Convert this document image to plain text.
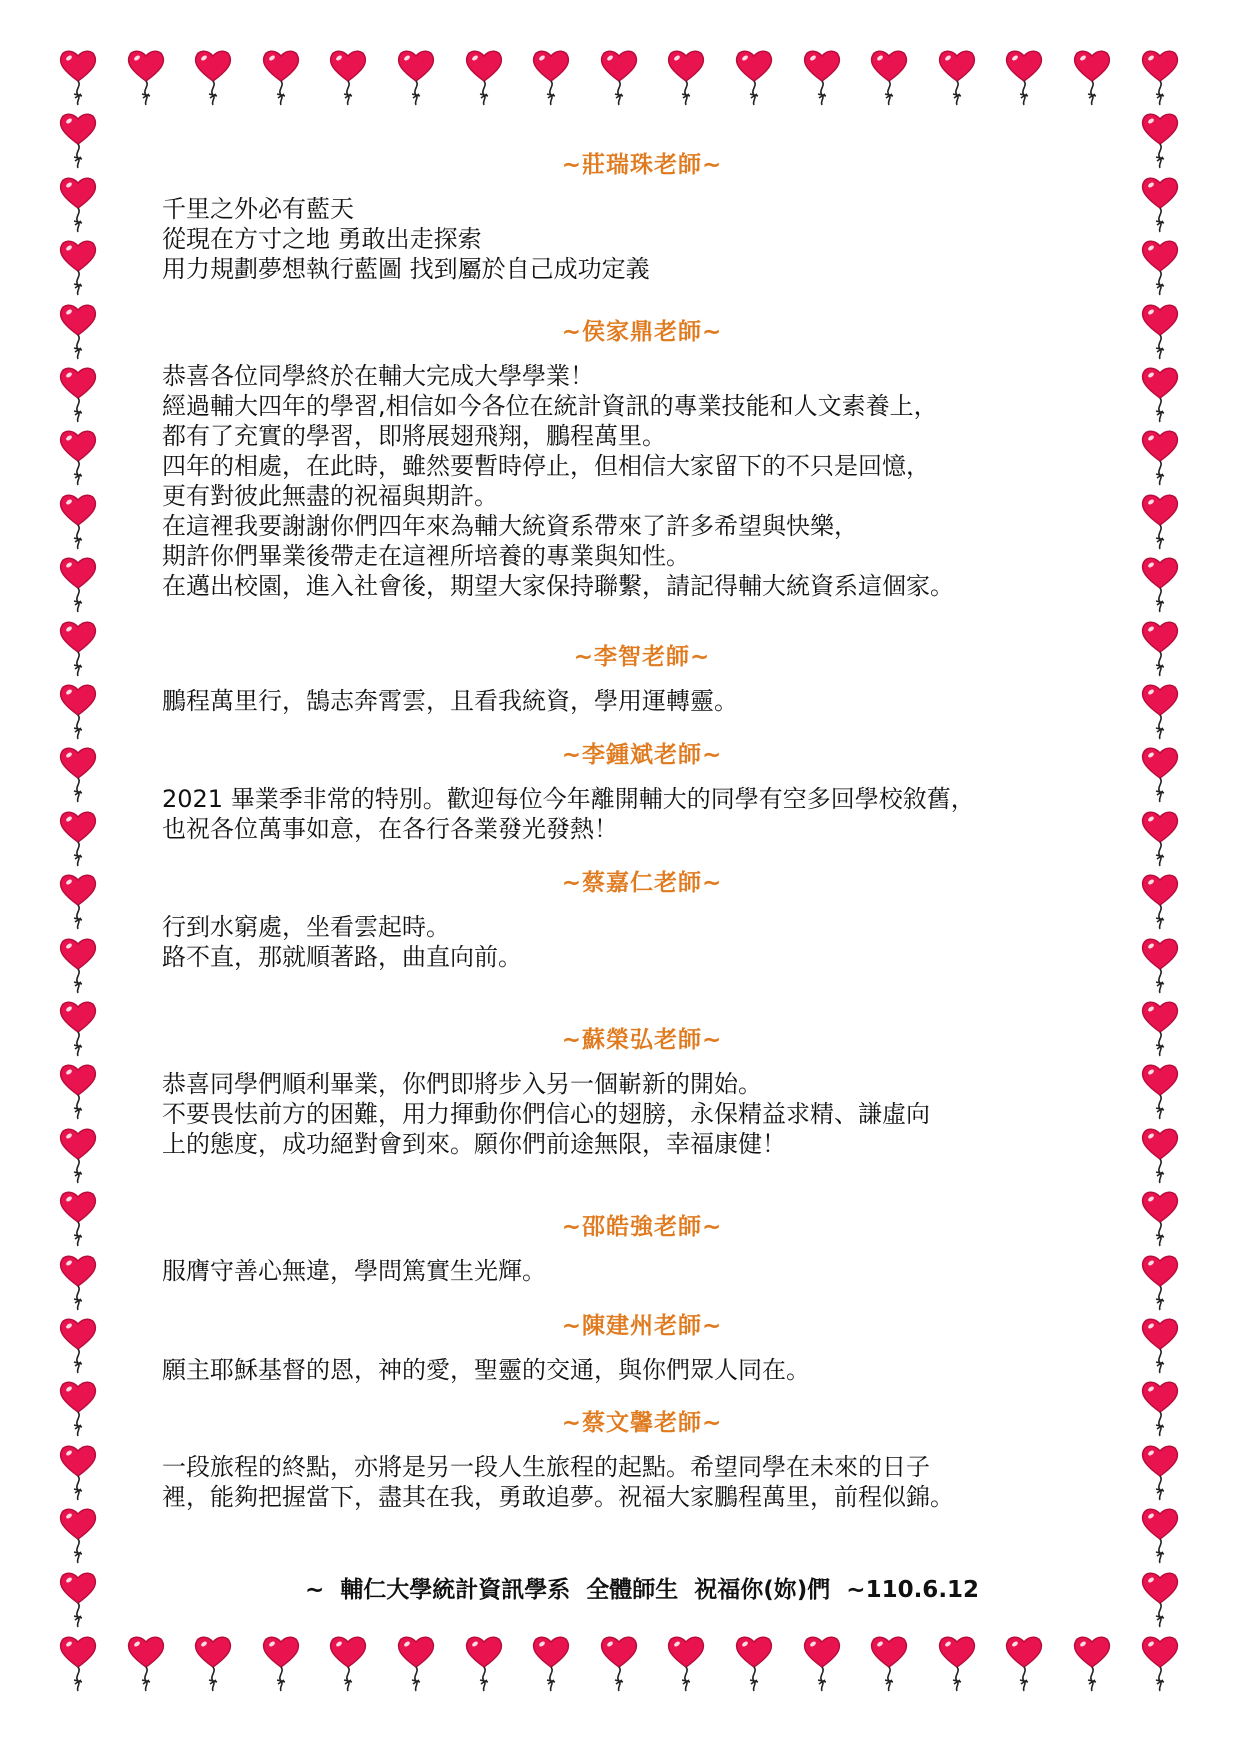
~莊瑞珠老師~

千里之外必有藍天
從現在方寸之地 勇敢出走探索
用力規劃夢想執行藍圖 找到屬於自己成功定義

~侯家鼎老師~

恭喜各位同學終於在輔大完成大學學業！
經過輔大四年的學習,相信如今各位在統計資訊的專業技能和人文素養上，
都有了充實的學習，即將展翅飛翔，鵬程萬里。
四年的相處，在此時，雖然要暫時停止，但相信大家留下的不只是回憶，
更有對彼此無盡的祝福與期許。
在這裡我要謝謝你們四年來為輔大統資系帶來了許多希望與快樂，
期許你們畢業後帶走在這裡所培養的專業與知性。
在邁出校園，進入社會後，期望大家保持聯繫，請記得輔大統資系這個家。

~李智老師~

鵬程萬里行，鵠志奔霄雲，且看我統資，學用運轉靈。

~李鍾斌老師~

2021 畢業季非常的特別。歡迎每位今年離開輔大的同學有空多回學校敘舊，
也祝各位萬事如意，在各行各業發光發熱！

~蔡嘉仁老師~

行到水窮處，坐看雲起時。
路不直，那就順著路，曲直向前。

~蘇榮弘老師~

恭喜同學們順利畢業，你們即將步入另一個嶄新的開始。
不要畏怯前方的困難，用力揮動你們信心的翅膀，永保精益求精、謙虛向
上的態度，成功絕對會到來。願你們前途無限，幸福康健！

~邵皓強老師~

服膺守善心無違，學問篤實生光輝。

~陳建州老師~

願主耶穌基督的恩，神的愛，聖靈的交通，與你們眾人同在。

~蔡文馨老師~

一段旅程的終點，亦將是另一段人生旅程的起點。希望同學在未來的日子
裡，能夠把握當下，盡其在我，勇敢追夢。祝福大家鵬程萬里，前程似錦。
~  輔仁大學統計資訊學系  全體師生  祝福你(妳)們  ~110.6.12
